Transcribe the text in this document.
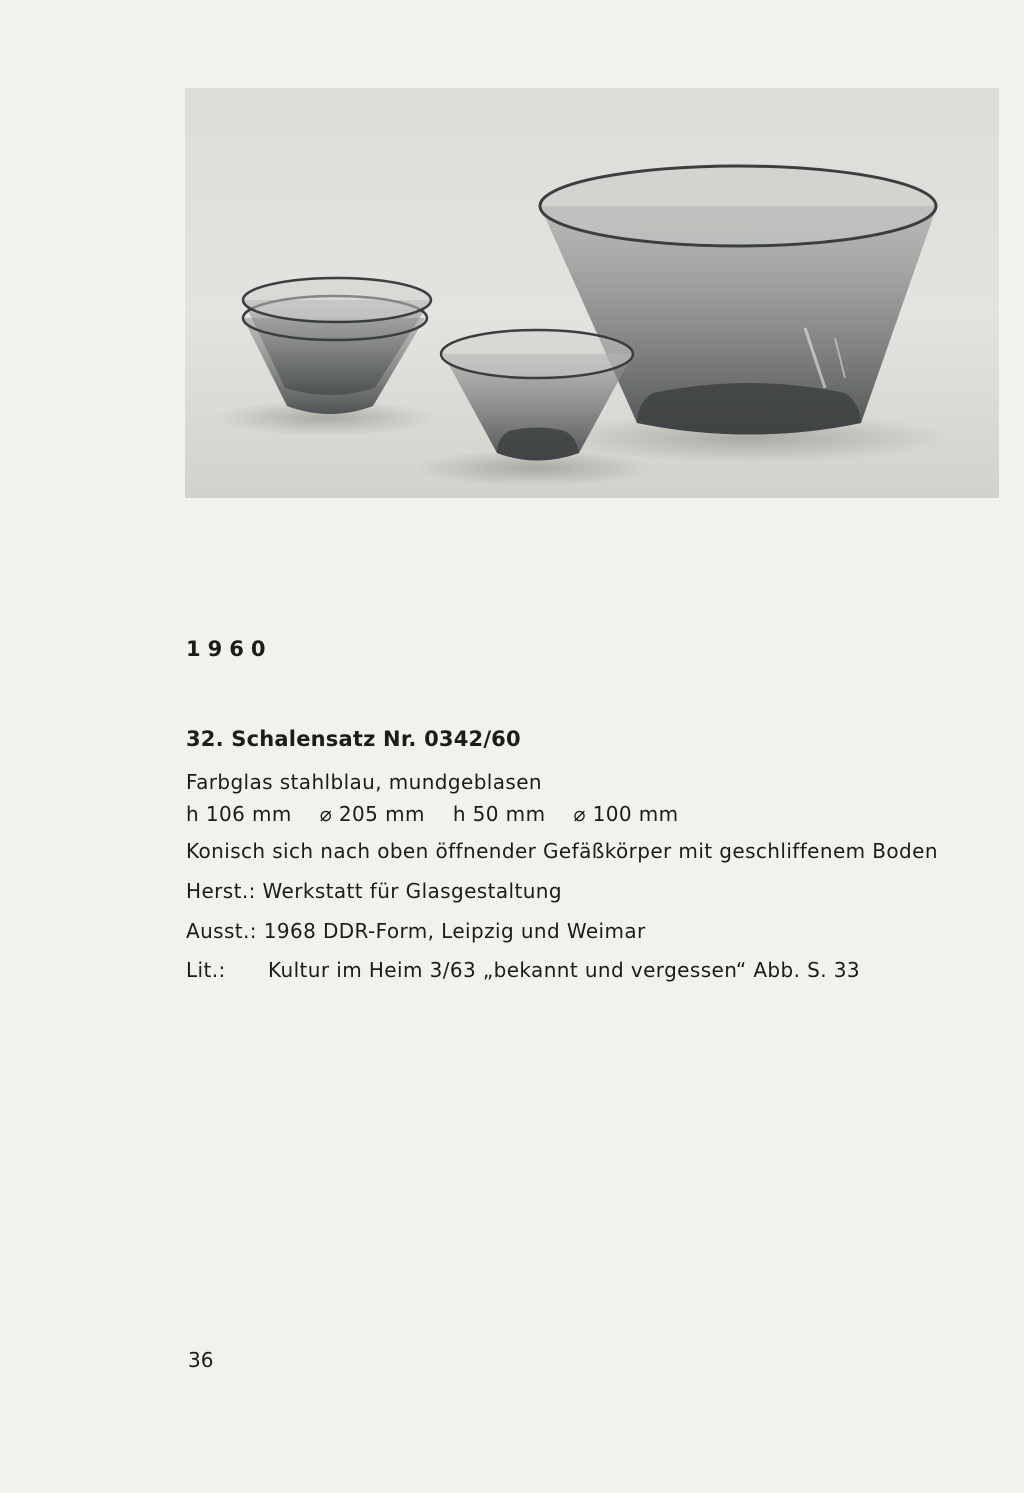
1960

32. Schalensatz Nr. 0342/60

Farbglas stahlblau, mundgeblasen

h 106 mm ⌀ 205 mm h 50 mm ⌀ 100 mm

Konisch sich nach oben öffnender Gefäßkörper mit geschliffenem Boden

Herst.: Werkstatt für Glasgestaltung

Ausst.: 1968 DDR-Form, Leipzig und Weimar

Lit.: Kultur im Heim 3/63 „bekannt und vergessen“ Abb. S. 33

36
